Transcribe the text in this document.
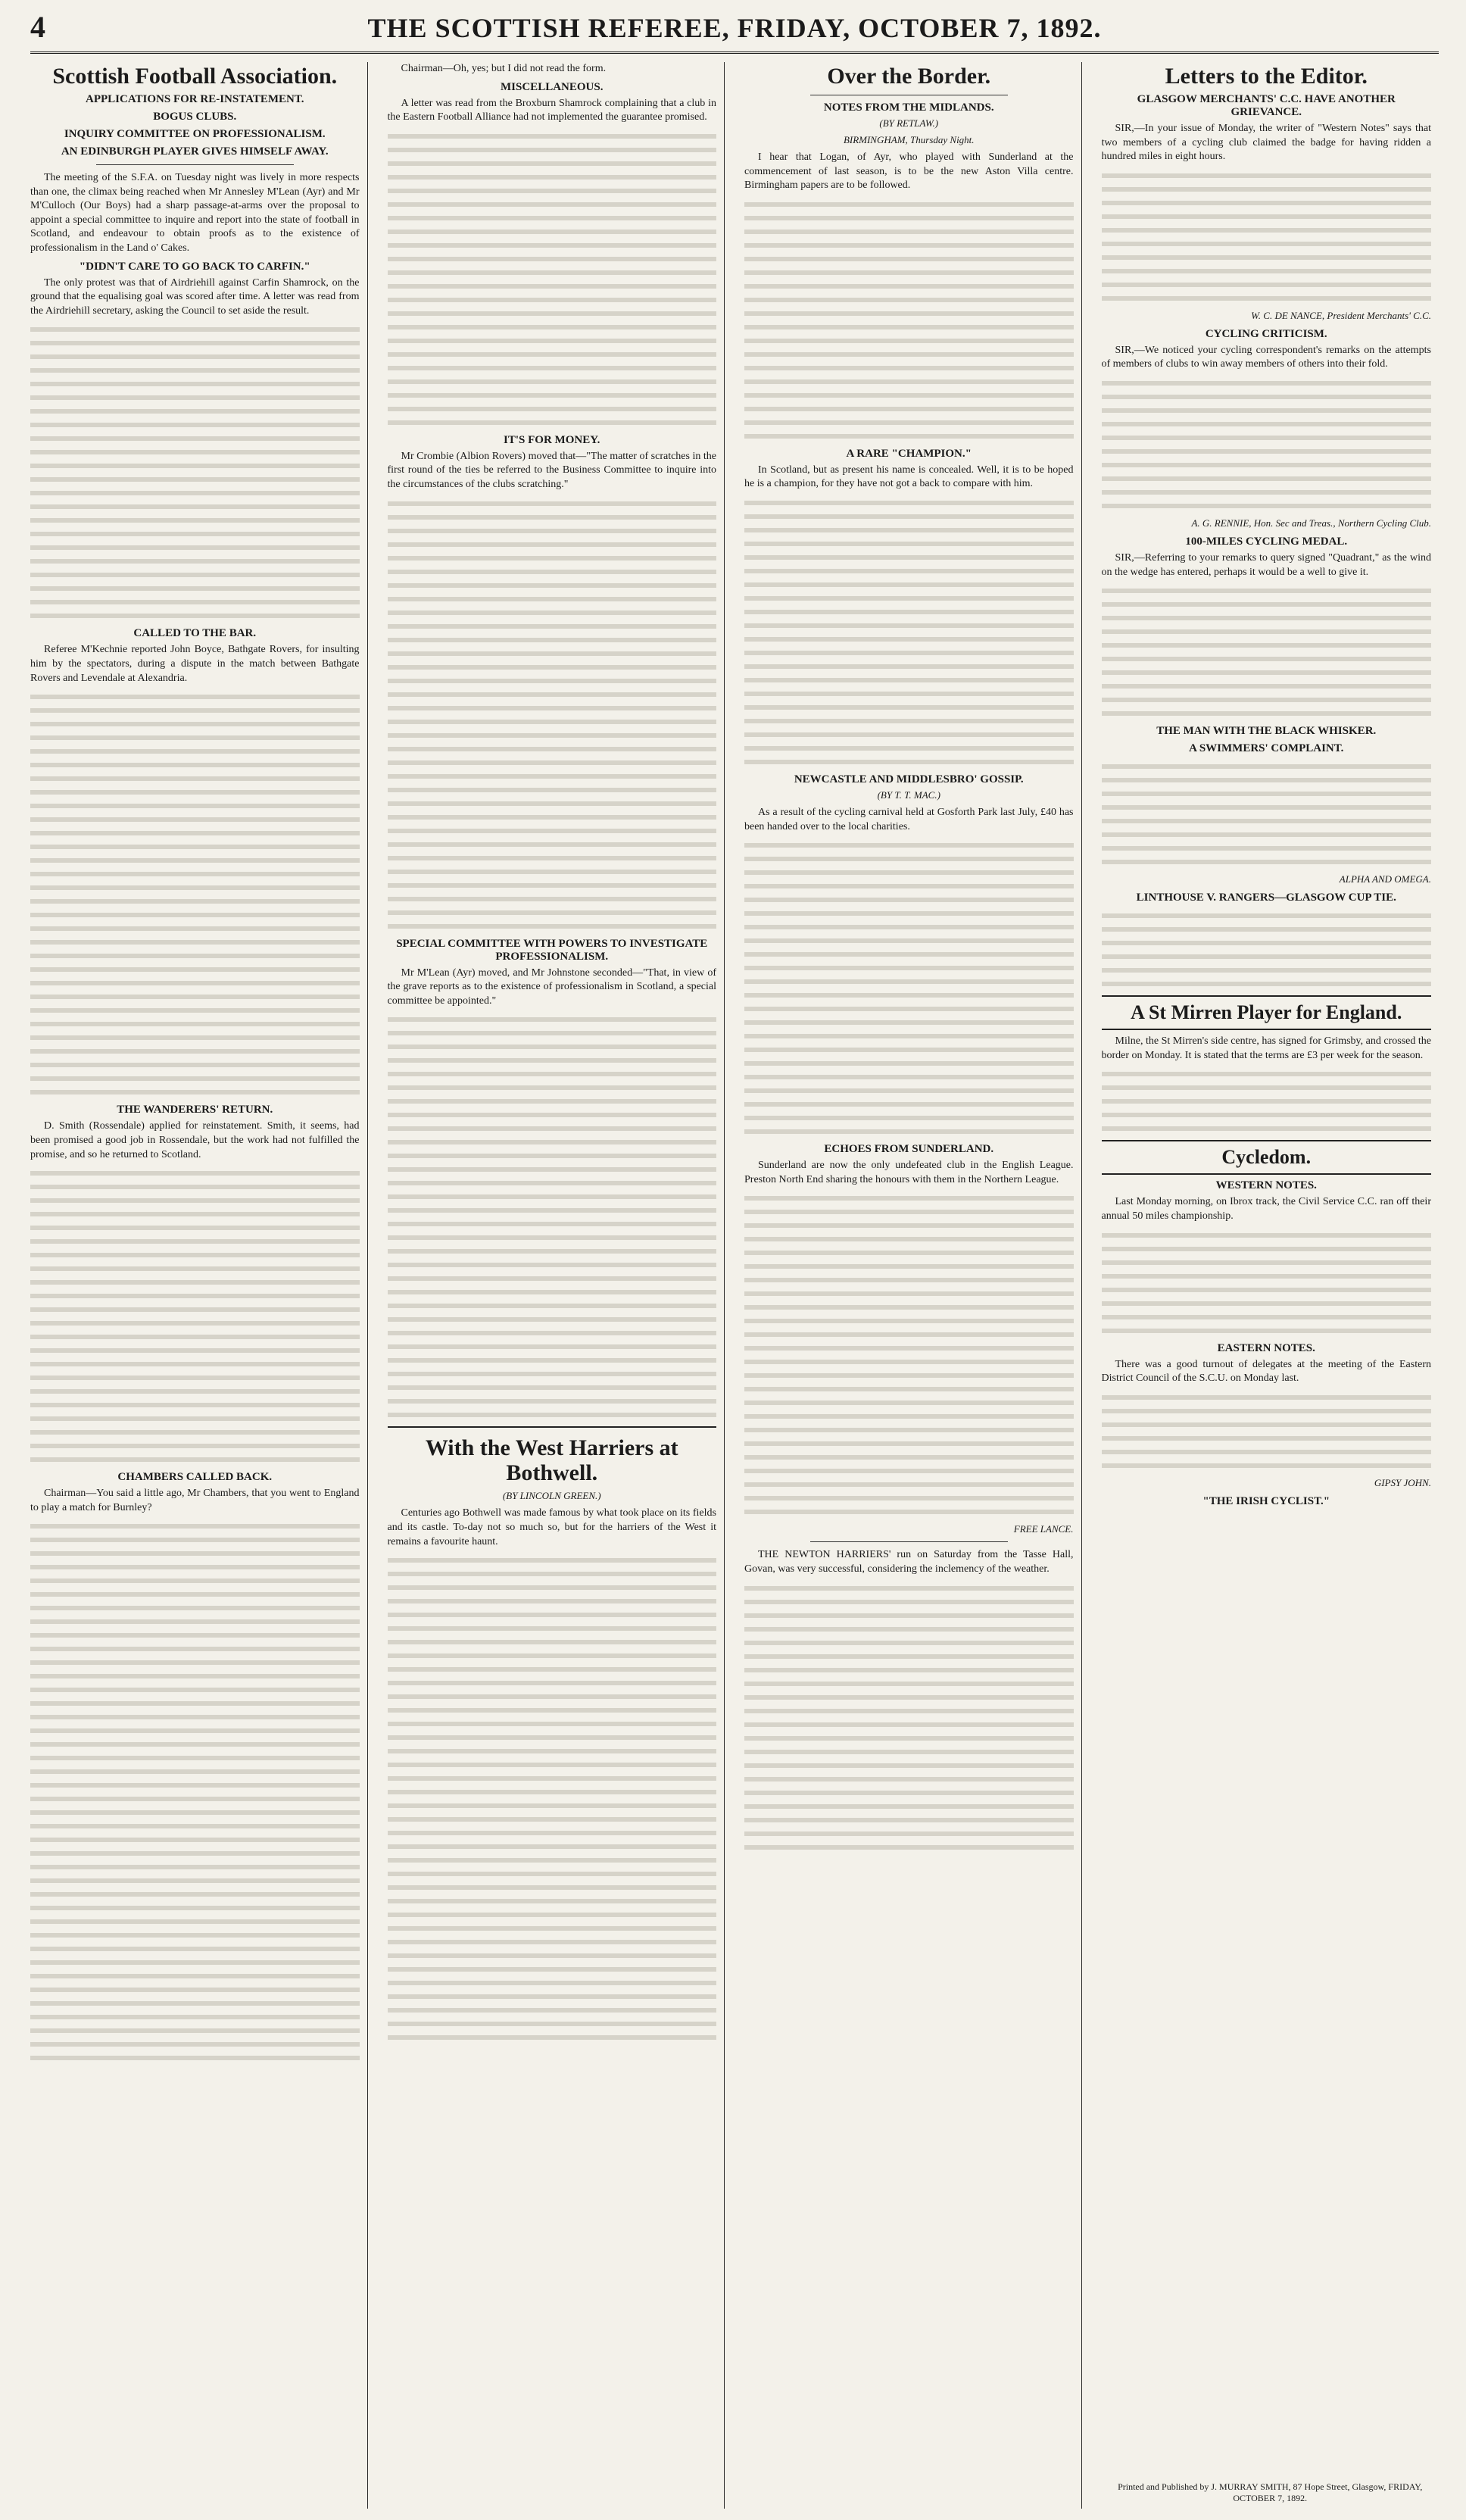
4	THE SCOTTISH REFEREE, FRIDAY, OCTOBER 7, 1892.
Scottish Football Association.
APPLICATIONS FOR RE-INSTATEMENT.
BOGUS CLUBS.
INQUIRY COMMITTEE ON PROFESSIONALISM.
AN EDINBURGH PLAYER GIVES HIMSELF AWAY.

The meeting of the S.F.A. on Tuesday night was lively in more respects than one, the climax being reached when Mr Annesley M'Lean (Ayr) and Mr M'Culloch (Our Boys) had a sharp passage-at-arms over the proposal to appoint a special committee to inquire and report into the state of football in Scotland, and endeavour to obtain proofs as to the existence of professionalism in the Land o' Cakes.

"DIDN'T CARE TO GO BACK TO CARFIN."

The only protest was that of Airdriehill against Carfin Shamrock, on the ground that the equalising goal was scored after time. A letter was read from the Airdriehill secretary, asking the Council to set aside the result.

CALLED TO THE BAR.

Referee M'Kechnie reported John Boyce, Bathgate Rovers, for insulting him by the spectators, during a dispute in the match between Bathgate Rovers and Levendale at Alexandria.

THE WANDERERS' RETURN.

D. Smith (Rossendale) applied for reinstatement. Smith, it seems, had been promised a good job in Rossendale, but the work had not fulfilled the promise, and so he returned to Scotland.

CHAMBERS CALLED BACK.

Chairman—You said a little ago, Mr Chambers, that you went to England to play a match for Burnley?

Chairman—Oh, yes; but I did not read the form.

MISCELLANEOUS.

A letter was read from the Broxburn Shamrock complaining that a club in the Eastern Football Alliance had not implemented the guarantee promised.

IT'S FOR MONEY.

Mr Crombie (Albion Rovers) moved that—"The matter of scratches in the first round of the ties be referred to the Business Committee to inquire into the circumstances of the clubs scratching."

SPECIAL COMMITTEE WITH POWERS TO INVESTIGATE PROFESSIONALISM.

Mr M'Lean (Ayr) moved, and Mr Johnstone seconded—"That, in view of the grave reports as to the existence of professionalism in Scotland, a special committee be appointed."

With the West Harriers at Bothwell.
(BY LINCOLN GREEN.)

Centuries ago Bothwell was made famous by what took place on its fields and its castle. To-day not so much so, but for the harriers of the West it remains a favourite haunt.

Over the Border.
NOTES FROM THE MIDLANDS.
(BY RETLAW.)
BIRMINGHAM, Thursday Night.

I hear that Logan, of Ayr, who played with Sunderland at the commencement of last season, is to be the new Aston Villa centre. Birmingham papers are to be followed.

A RARE "CHAMPION."

In Scotland, but as present his name is concealed. Well, it is to be hoped he is a champion, for they have not got a back to compare with him.

NEWCASTLE AND MIDDLESBRO' GOSSIP.
(BY T. T. MAC.)

As a result of the cycling carnival held at Gosforth Park last July, £40 has been handed over to the local charities.

ECHOES FROM SUNDERLAND.

Sunderland are now the only undefeated club in the English League. Preston North End sharing the honours with them in the Northern League.

FREE LANCE.

THE NEWTON HARRIERS' run on Saturday from the Tasse Hall, Govan, was very successful, considering the inclemency of the weather.

Letters to the Editor.
GLASGOW MERCHANTS' C.C. HAVE ANOTHER GRIEVANCE.

SIR,—In your issue of Monday, the writer of "Western Notes" says that two members of a cycling club claimed the badge for having ridden a hundred miles in eight hours.

W. C. DE NANCE, President Merchants' C.C.
CYCLING CRITICISM.

SIR,—We noticed your cycling correspondent's remarks on the attempts of members of clubs to win away members of others into their fold.

A. G. RENNIE, Hon. Sec and Treas., Northern Cycling Club.
100-MILES CYCLING MEDAL.

SIR,—Referring to your remarks to query signed "Quadrant," as the wind on the wedge has entered, perhaps it would be a well to give it.

THE MAN WITH THE BLACK WHISKER.
A SWIMMERS' COMPLAINT.
ALPHA AND OMEGA.
LINTHOUSE V. RANGERS—GLASGOW CUP TIE.
A St Mirren Player for England.

Milne, the St Mirren's side centre, has signed for Grimsby, and crossed the border on Monday. It is stated that the terms are £3 per week for the season.

Cycledom.
WESTERN NOTES.

Last Monday morning, on Ibrox track, the Civil Service C.C. ran off their annual 50 miles championship.

EASTERN NOTES.

There was a good turnout of delegates at the meeting of the Eastern District Council of the S.C.U. on Monday last.

GIPSY JOHN.
"THE IRISH CYCLIST."
Printed and Published by J. MURRAY SMITH, 87 Hope Street, Glasgow, FRIDAY, OCTOBER 7, 1892.
